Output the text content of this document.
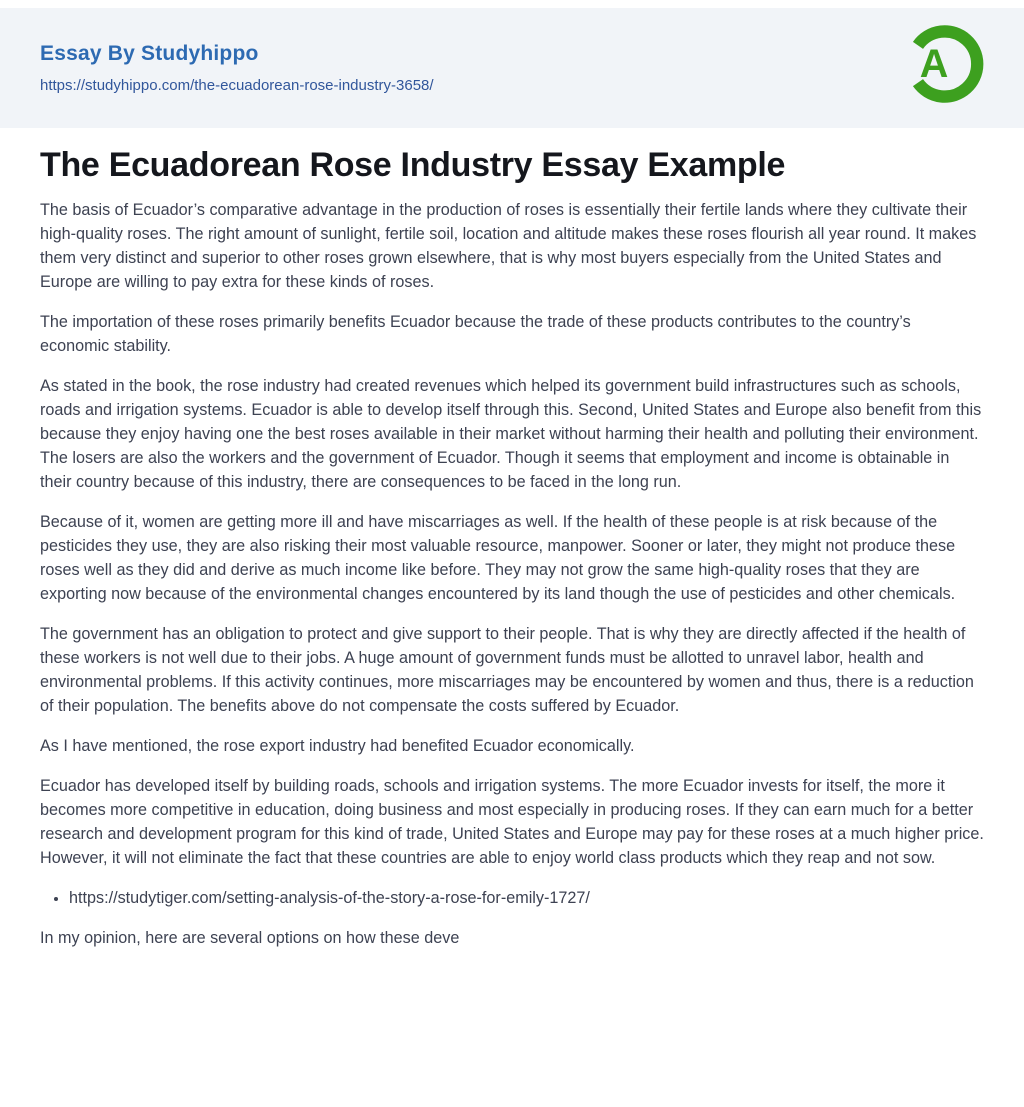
Essay By Studyhippo
https://studyhippo.com/the-ecuadorean-rose-industry-3658/	A
The Ecuadorean Rose Industry Essay Example

The basis of Ecuador’s comparative advantage in the production of roses is essentially their fertile lands where they cultivate their high-quality roses. The right amount of sunlight, fertile soil, location and altitude makes these roses flourish all year round. It makes them very distinct and superior to other roses grown elsewhere, that is why most buyers especially from the United States and Europe are willing to pay extra for these kinds of roses.

The importation of these roses primarily benefits Ecuador because the trade of these products contributes to the country’s economic stability.

As stated in the book, the rose industry had created revenues which helped its government build infrastructures such as schools, roads and irrigation systems. Ecuador is able to develop itself through this. Second, United States and Europe also benefit from this because they enjoy having one the best roses available in their market without harming their health and polluting their environment. The losers are also the workers and the government of Ecuador. Though it seems that employment and income is obtainable in their country because of this industry, there are consequences to be faced in the long run.

Because of it, women are getting more ill and have miscarriages as well. If the health of these people is at risk because of the pesticides they use, they are also risking their most valuable resource, manpower. Sooner or later, they might not produce these roses well as they did and derive as much income like before. They may not grow the same high-quality roses that they are exporting now because of the environmental changes encountered by its land though the use of pesticides and other chemicals.

The government has an obligation to protect and give support to their people. That is why they are directly affected if the health of these workers is not well due to their jobs. A huge amount of government funds must be allotted to unravel labor, health and environmental problems. If this activity continues, more miscarriages may be encountered by women and thus, there is a reduction of their population. The benefits above do not compensate the costs suffered by Ecuador.

As I have mentioned, the rose export industry had benefited Ecuador economically.

Ecuador has developed itself by building roads, schools and irrigation systems. The more Ecuador invests for itself, the more it becomes more competitive in education, doing business and most especially in producing roses. If they can earn much for a better research and development program for this kind of trade, United States and Europe may pay for these roses at a much higher price. However, it will not eliminate the fact that these countries are able to enjoy world class products which they reap and not sow.

• https://studytiger.com/setting-analysis-of-the-story-a-rose-for-emily-1727/

In my opinion, here are several options on how these deve
